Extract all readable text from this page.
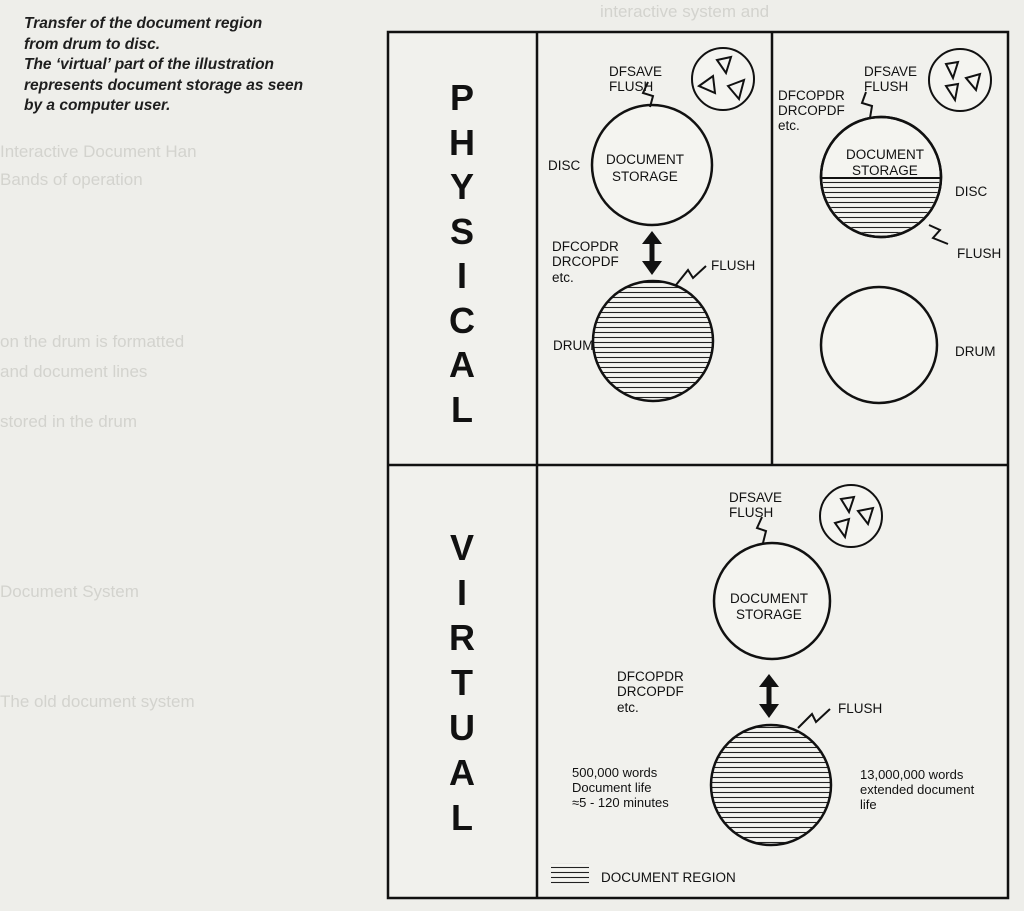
Interactive Document Han
Bands of operation
on the drum is formatted
and document lines
stored in the drum
Document System
The old document system
interactive system and

Transfer of the document region

from drum to disc.

The ‘virtual’ part of the illustration

represents document storage as seen

by a computer user.

DFSAVE
FLUSH
DISC DOCUMENT
STORAGE
DFCOPDR
DRCOPDF
etc.
FLUSH
DRUM
DFSAVE
FLUSH
DFCOPDR
DRCOPDF
etc.
DOCUMENT
STORAGE
DISC
FLUSH
DRUM
DFSAVE
FLUSH
DOCUMENT
STORAGE
DFCOPDR
DRCOPDF
etc.	FLUSH
500,000 words
Document life
≈5 - 120 minutes
13,000,000 words
extended document
life
DOCUMENT REGION
P
H
Y
S
I
C
A
L
V
I
R
T
U
A
L
